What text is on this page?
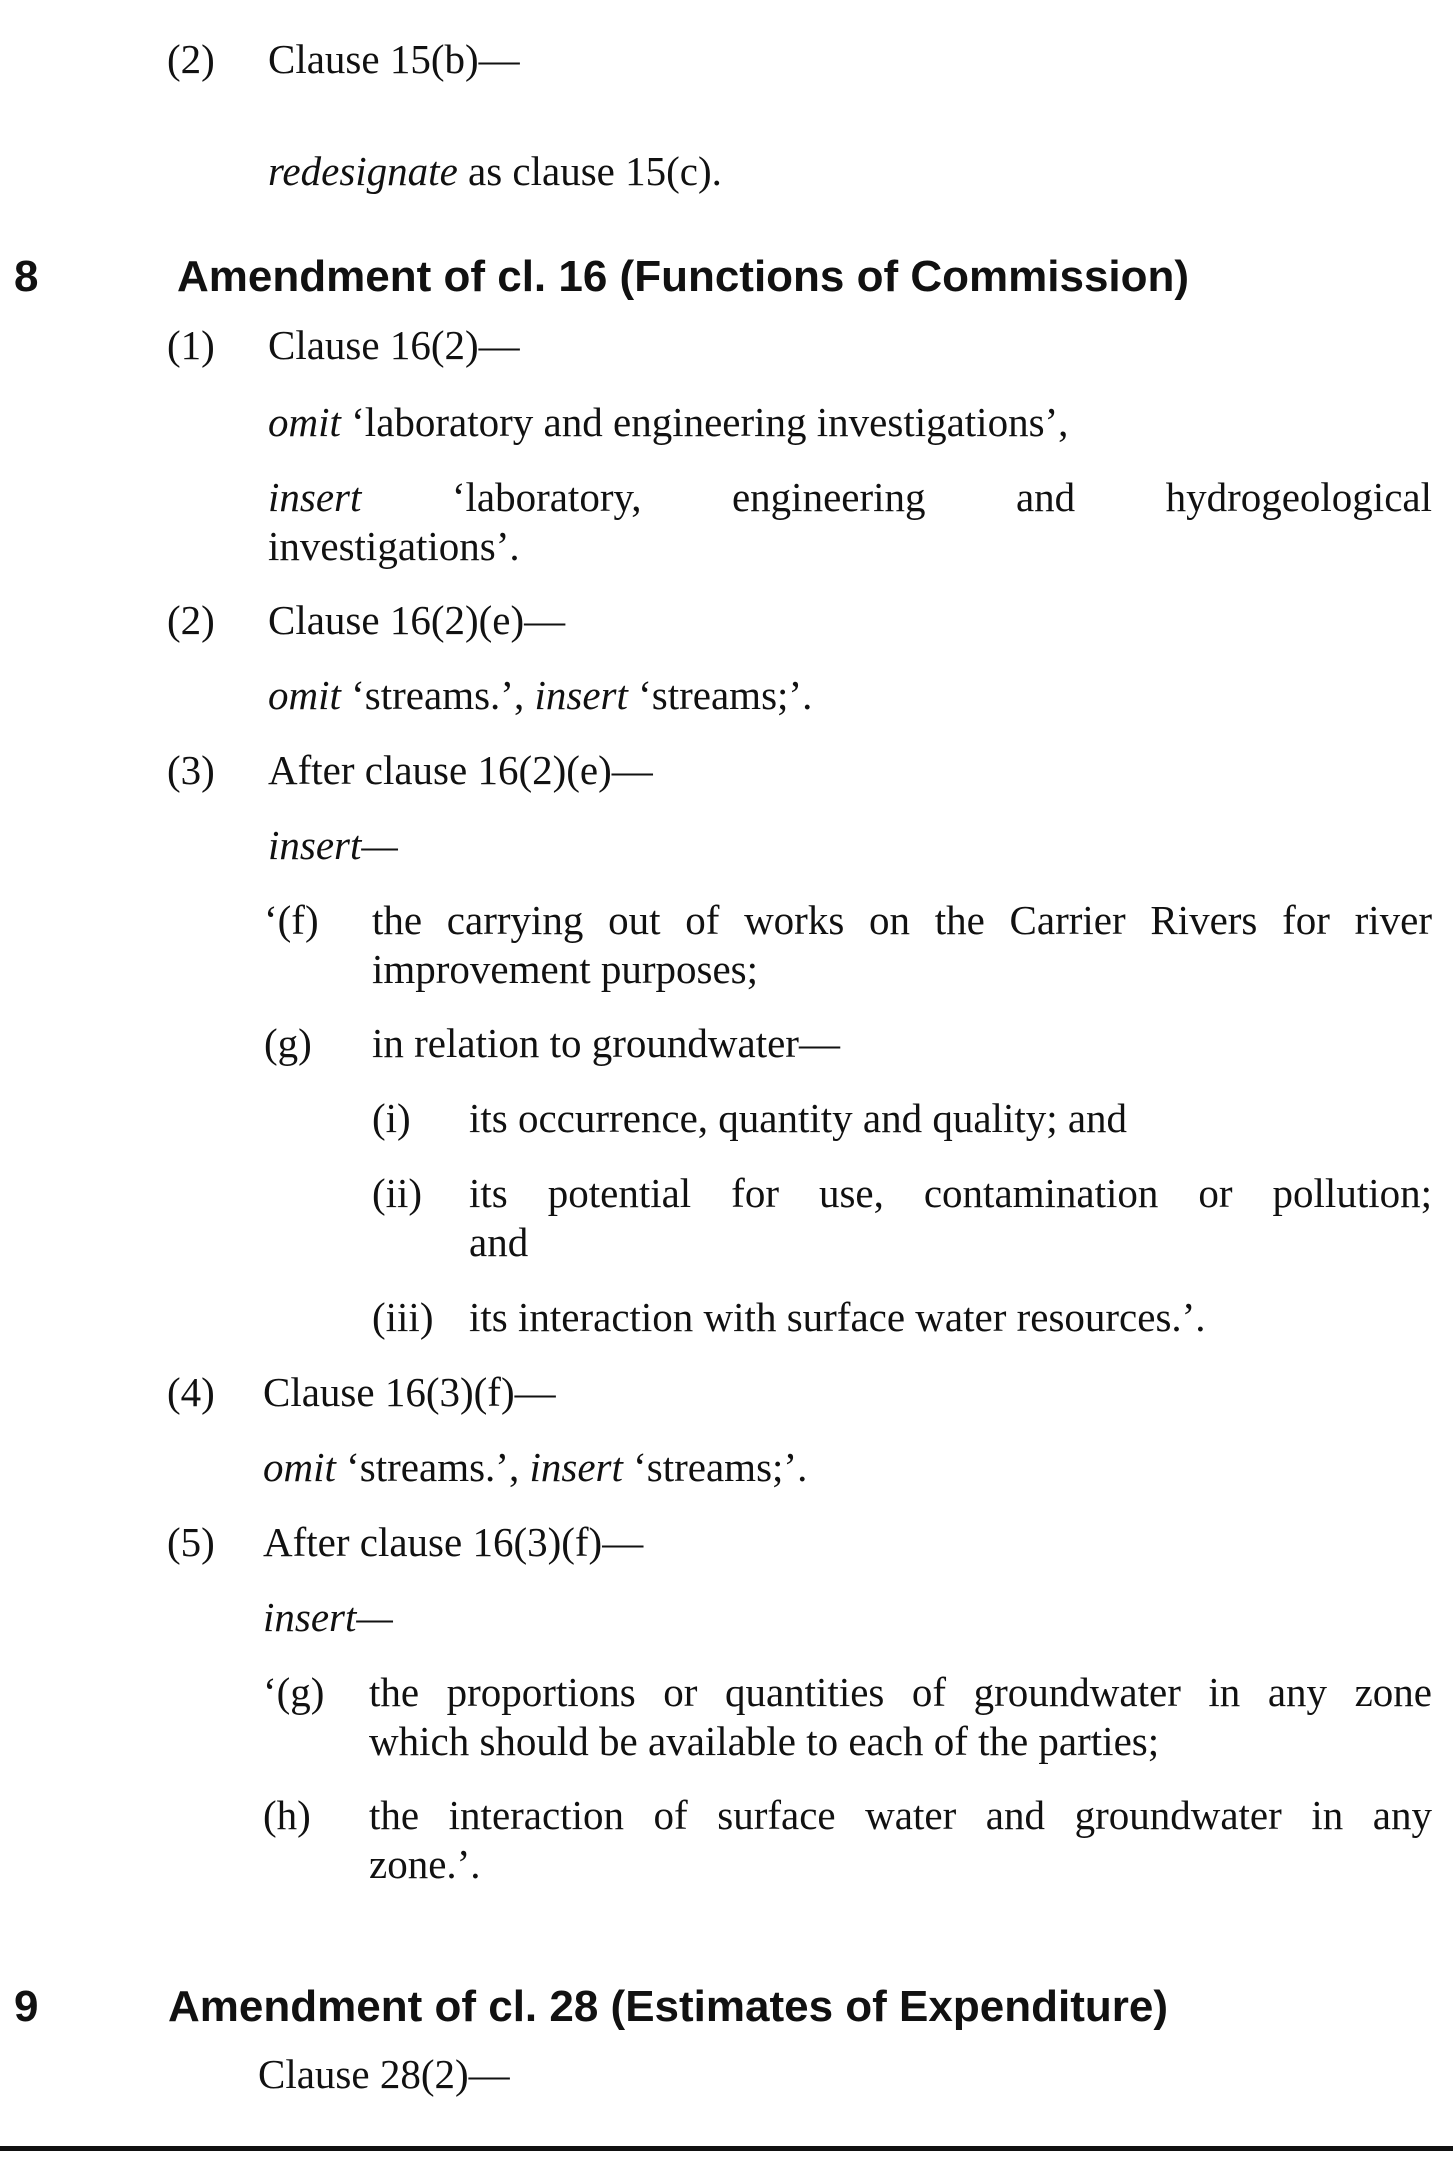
(2) Clause 15(b)—
redesignate as clause 15(c).
8	Amendment of cl. 16 (Functions of Commission)
(1) Clause 16(2)—
omit ‘laboratory and engineering investigations’,
insert ‘laboratory, engineering and hydrogeological
investigations’.
(2) Clause 16(2)(e)—
omit ‘streams.’, insert ‘streams;’.
(3) After clause 16(2)(e)—
insert—
‘(f) the carrying out of works on the Carrier Rivers for river
improvement purposes;
(g) in relation to groundwater—
(i) its occurrence, quantity and quality; and
(ii) its potential for use, contamination or pollution;
and
(iii) its interaction with surface water resources.’.
(4) Clause 16(3)(f)—
omit ‘streams.’, insert ‘streams;’.
(5) After clause 16(3)(f)—
insert—
‘(g) the proportions or quantities of groundwater in any zone
which should be available to each of the parties;
(h) the interaction of surface water and groundwater in any
zone.’.
9	Amendment of cl. 28 (Estimates of Expenditure)
Clause 28(2)—
